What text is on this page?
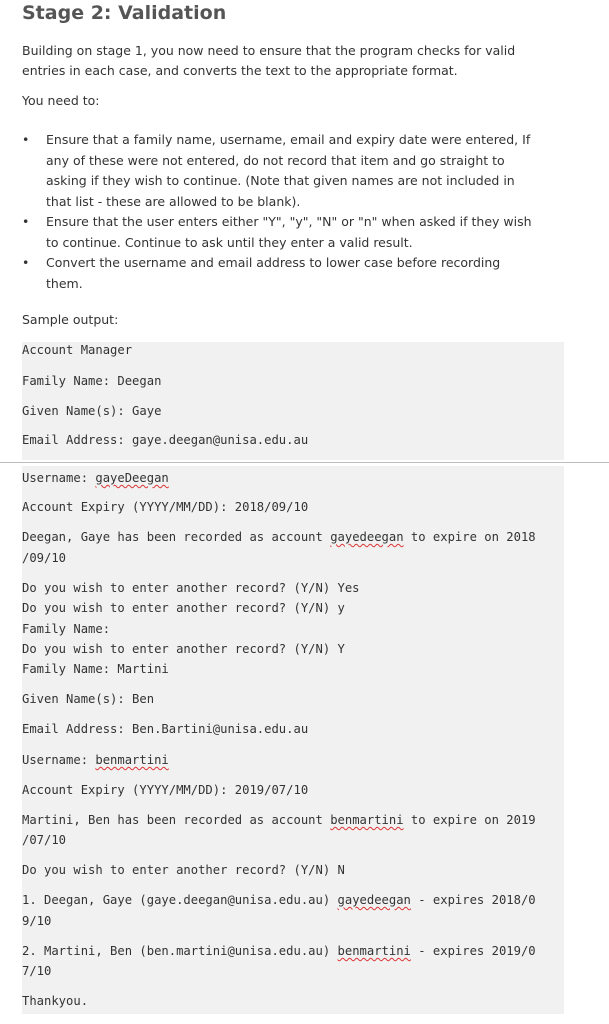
Stage 2: Validation
Building on stage 1, you now need to ensure that the program checks for valid
entries in each case, and converts the text to the appropriate format.
You need to:
• Ensure that a family name, username, email and expiry date were entered, If
any of these were not entered, do not record that item and go straight to
asking if they wish to continue. (Note that given names are not included in
that list - these are allowed to be blank).
• Ensure that the user enters either "Y", "y", "N" or "n" when asked if they wish
to continue. Continue to ask until they enter a valid result.
• Convert the username and email address to lower case before recording
them.
Sample output:
Account Manager
Family Name: Deegan
Given Name(s): Gaye
Email Address: gaye.deegan@unisa.edu.au
Username: gayeDeegan
Account Expiry (YYYY/MM/DD): 2018/09/10
Deegan, Gaye has been recorded as account gayedeegan to expire on 2018
/09/10
Do you wish to enter another record? (Y/N) Yes
Do you wish to enter another record? (Y/N) y
Family Name:
Do you wish to enter another record? (Y/N) Y
Family Name: Martini
Given Name(s): Ben
Email Address: Ben.Bartini@unisa.edu.au
Username: benmartini
Account Expiry (YYYY/MM/DD): 2019/07/10
Martini, Ben has been recorded as account benmartini to expire on 2019
/07/10
Do you wish to enter another record? (Y/N) N
1. Deegan, Gaye (gaye.deegan@unisa.edu.au) gayedeegan - expires 2018/0
9/10
2. Martini, Ben (ben.martini@unisa.edu.au) benmartini - expires 2019/0
7/10
Thankyou.
